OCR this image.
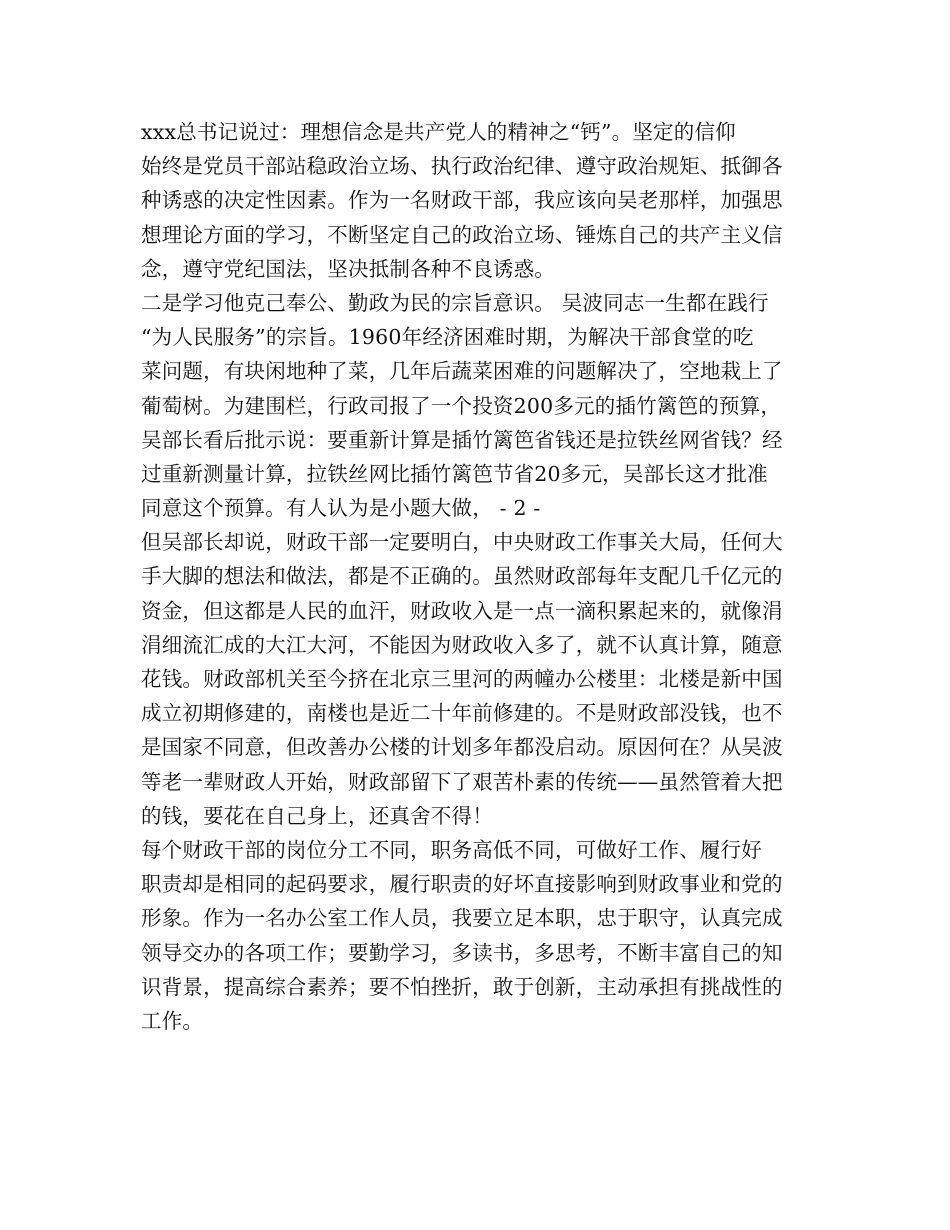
xxx总书记说过：理想信念是共产党人的精神之“钙”。坚定的信仰
始终是党员干部站稳政治立场、执行政治纪律、遵守政治规矩、抵御各
种诱惑的决定性因素。作为一名财政干部，我应该向吴老那样，加强思
想理论方面的学习，不断坚定自己的政治立场、锤炼自己的共产主义信
念，遵守党纪国法，坚决抵制各种不良诱惑。
二是学习他克己奉公、勤政为民的宗旨意识。 吴波同志一生都在践行
“为人民服务”的宗旨。1960年经济困难时期，为解决干部食堂的吃
菜问题，有块闲地种了菜，几年后蔬菜困难的问题解决了，空地栽上了
葡萄树。为建围栏，行政司报了一个投资200多元的插竹篱笆的预算，
吴部长看后批示说：要重新计算是插竹篱笆省钱还是拉铁丝网省钱？经
过重新测量计算，拉铁丝网比插竹篱笆节省20多元，吴部长这才批准
同意这个预算。有人认为是小题大做， - 2 -
但吴部长却说，财政干部一定要明白，中央财政工作事关大局，任何大
手大脚的想法和做法，都是不正确的。虽然财政部每年支配几千亿元的
资金，但这都是人民的血汗，财政收入是一点一滴积累起来的，就像涓
涓细流汇成的大江大河，不能因为财政收入多了，就不认真计算，随意
花钱。财政部机关至今挤在北京三里河的两幢办公楼里：北楼是新中国
成立初期修建的，南楼也是近二十年前修建的。不是财政部没钱，也不
是国家不同意，但改善办公楼的计划多年都没启动。原因何在？从吴波
等老一辈财政人开始，财政部留下了艰苦朴素的传统——虽然管着大把
的钱，要花在自己身上，还真舍不得！
每个财政干部的岗位分工不同，职务高低不同，可做好工作、履行好
职责却是相同的起码要求，履行职责的好坏直接影响到财政事业和党的
形象。作为一名办公室工作人员，我要立足本职，忠于职守，认真完成
领导交办的各项工作；要勤学习，多读书，多思考，不断丰富自己的知
识背景，提高综合素养；要不怕挫折，敢于创新，主动承担有挑战性的
工作。
